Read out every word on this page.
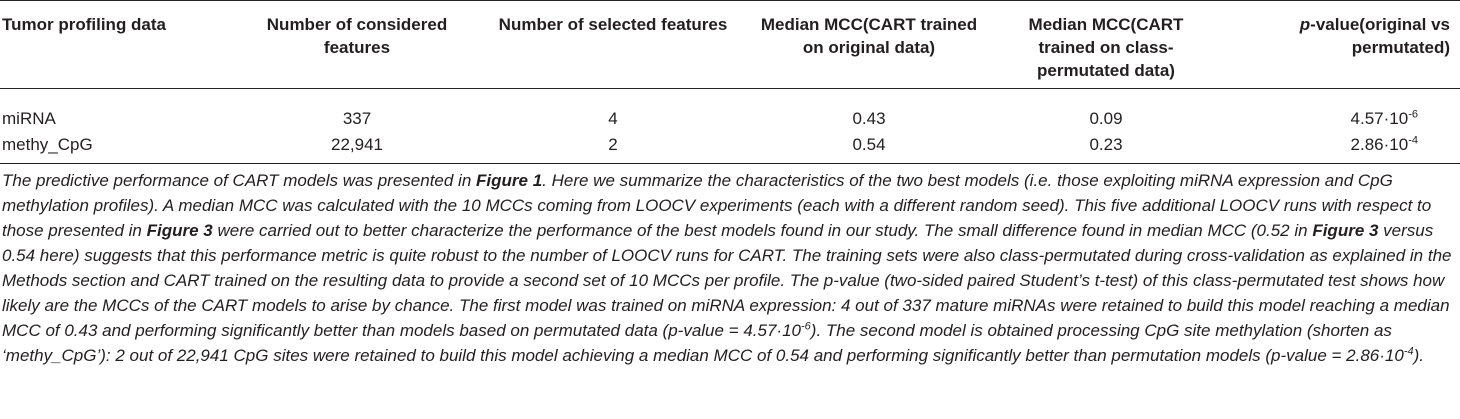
Tumor profiling data	Number of considered features	Number of selected features	Median MCC(CART trained on original data)	Median MCC(CART trained on class-permutated data)	p-value(original vs permutated)
miRNA	337	4	0.43	0.09	$4.57\cdot 10^{-6}$
methy_CpG	22,941	2	0.54	0.23	$2.86\cdot 10^{-4}$

The predictive performance of CART models was presented in Figure 1. Here we summarize the characteristics of the two best models (i.e. those exploiting miRNA expression and CpG methylation profiles). A median MCC was calculated with the 10 MCCs coming from LOOCV experiments (each with a different random seed). This five additional LOOCV runs with respect to those presented in Figure 3 were carried out to better characterize the performance of the best models found in our study. The small difference found in median MCC (0.52 in Figure 3 versus 0.54 here) suggests that this performance metric is quite robust to the number of LOOCV runs for CART. The training sets were also class-permutated during cross-validation as explained in the Methods section and CART trained on the resulting data to provide a second set of 10 MCCs per profile. The p-value (two-sided paired Student’s t-test) of this class-permutated test shows how likely are the MCCs of the CART models to arise by chance. The first model was trained on miRNA expression: 4 out of 337 mature miRNAs were retained to build this model reaching a median MCC of 0.43 and performing significantly better than models based on permutated data (p-value = $4.57\cdot 10^{-6}$). The second model is obtained processing CpG site methylation (shorten as ‘methy_CpG’): 2 out of 22,941 CpG sites were retained to build this model achieving a median MCC of 0.54 and performing significantly better than permutation models (p-value = $2.86\cdot 10^{-4}$).
